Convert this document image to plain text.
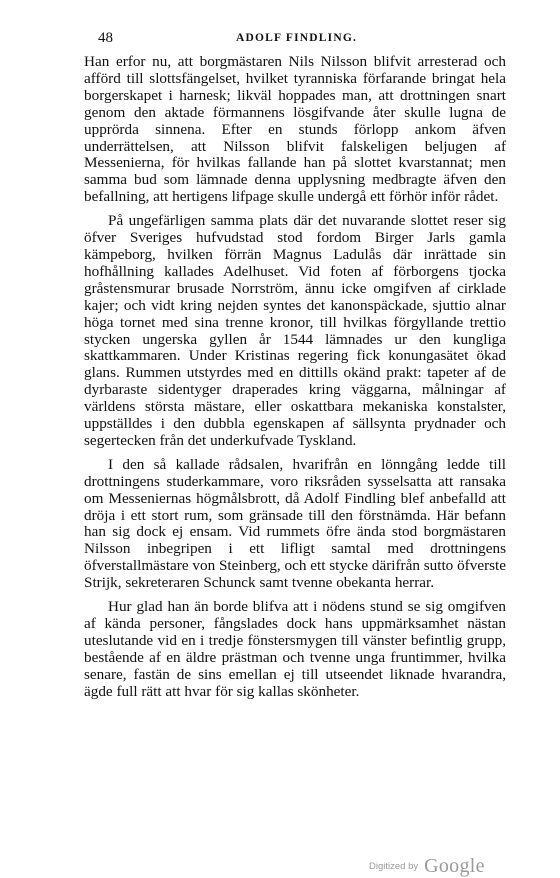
48	ADOLF FINDLING.

Han erfor nu, att borgmästaren Nils Nilsson blifvit arresterad och afförd till slottsfängelset, hvilket tyranniska förfarande bringat hela borgerskapet i harnesk; likväl hoppades man, att drottningen snart genom den aktade förmannens lösgifvande åter skulle lugna de upprörda sinnena. Efter en stunds förlopp ankom äfven underrättelsen, att Nilsson blifvit falskeligen beljugen af Messenierna, för hvilkas fallande han på slottet kvarstannat; men samma bud som lämnade denna upplysning medbragte äfven den befallning, att hertigens lifpage skulle undergå ett förhör inför rådet.

På ungefärligen samma plats där det nuvarande slottet reser sig öfver Sveriges hufvudstad stod fordom Birger Jarls gamla kämpeborg, hvilken förrän Magnus Ladulås där inrättade sin hofhållning kallades Adelhuset. Vid foten af förborgens tjocka gråstensmurar brusade Norrström, ännu icke omgifven af cirklade kajer; och vidt kring nejden syntes det kanonspäckade, sjuttio alnar höga tornet med sina trenne kronor, till hvilkas förgyllande trettio stycken ungerska gyllen år 1544 lämnades ur den kungliga skattkammaren. Under Kristinas regering fick konungasätet ökad glans. Rummen utstyrdes med en dittills okänd prakt: tapeter af de dyrbaraste sidentyger draperades kring väggarna, målningar af världens största mästare, eller oskattbara mekaniska konstalster, uppställdes i den dubbla egenskapen af sällsynta prydnader och segertecken från det underkufvade Tyskland.

I den så kallade rådsalen, hvarifrån en lönngång ledde till drottningens studerkammare, voro riksråden sysselsatta att ransaka om Messeniernas högmålsbrott, då Adolf Findling blef anbefalld att dröja i ett stort rum, som gränsade till den förstnämda. Här befann han sig dock ej ensam. Vid rummets öfre ända stod borgmästaren Nilsson inbegripen i ett lifligt samtal med drottningens öfverstallmästare von Steinberg, och ett stycke därifrån sutto öfverste Strijk, sekreteraren Schunck samt tvenne obekanta herrar.

Hur glad han än borde blifva att i nödens stund se sig omgifven af kända personer, fångslades dock hans uppmärksamhet nästan uteslutande vid en i tredje fönstersmygen till vänster befintlig grupp, bestående af en äldre prästman och tvenne unga fruntimmer, hvilka senare, fastän de sins emellan ej till utseendet liknade hvarandra, ägde full rätt att hvar för sig kallas skönheter.

Digitized by Google
